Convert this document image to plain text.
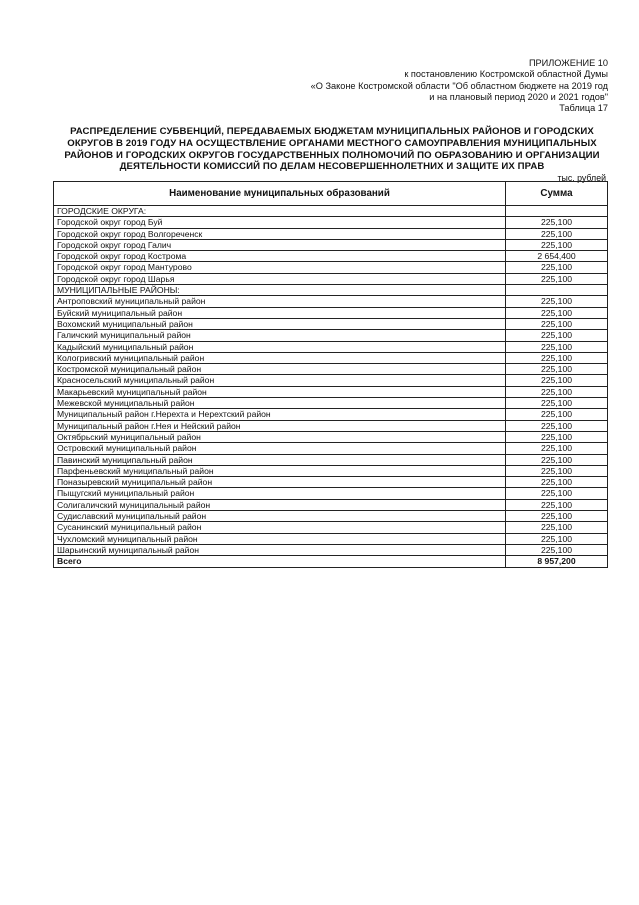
ПРИЛОЖЕНИЕ 10
к постановлению Костромской областной Думы
«О Законе Костромской области "Об областном бюджете на 2019 год
и на плановый период 2020 и 2021 годов"
Таблица 17
РАСПРЕДЕЛЕНИЕ СУБВЕНЦИЙ, ПЕРЕДАВАЕМЫХ БЮДЖЕТАМ МУНИЦИПАЛЬНЫХ РАЙОНОВ И ГОРОДСКИХ
ОКРУГОВ В 2019 ГОДУ НА ОСУЩЕСТВЛЕНИЕ ОРГАНАМИ МЕСТНОГО САМОУПРАВЛЕНИЯ МУНИЦИПАЛЬНЫХ
РАЙОНОВ И ГОРОДСКИХ ОКРУГОВ ГОСУДАРСТВЕННЫХ ПОЛНОМОЧИЙ ПО ОБРАЗОВАНИЮ И ОРГАНИЗАЦИИ
ДЕЯТЕЛЬНОСТИ КОМИССИЙ ПО ДЕЛАМ НЕСОВЕРШЕННОЛЕТНИХ И ЗАЩИТЕ ИХ ПРАВ
тыс. рублей
Наименование муниципальных образований	Сумма
ГОРОДСКИЕ ОКРУГА:	
Городской округ город Буй	225,100
Городской округ город Волгореченск	225,100
Городской округ город Галич	225,100
Городской округ город Кострома	2 654,400
Городской округ город Мантурово	225,100
Городской округ город Шарья	225,100
МУНИЦИПАЛЬНЫЕ РАЙОНЫ:	
Антроповский муниципальный район	225,100
Буйский муниципальный район	225,100
Вохомский муниципальный район	225,100
Галичский муниципальный район	225,100
Кадыйский муниципальный район	225,100
Кологривский муниципальный район	225,100
Костромской муниципальный район	225,100
Красносельский муниципальный район	225,100
Макарьевский муниципальный район	225,100
Межевской муниципальный район	225,100
Муниципальный район г.Нерехта и Нерехтский район	225,100
Муниципальный район г.Нея и Нейский район	225,100
Октябрьский муниципальный район	225,100
Островский муниципальный район	225,100
Павинский муниципальный район	225,100
Парфеньевский муниципальный район	225,100
Поназыревский муниципальный район	225,100
Пыщугский муниципальный район	225,100
Солигаличский муниципальный район	225,100
Судиславский муниципальный район	225,100
Сусанинский муниципальный район	225,100
Чухломский муниципальный район	225,100
Шарьинский муниципальный район	225,100
Всего	8 957,200
